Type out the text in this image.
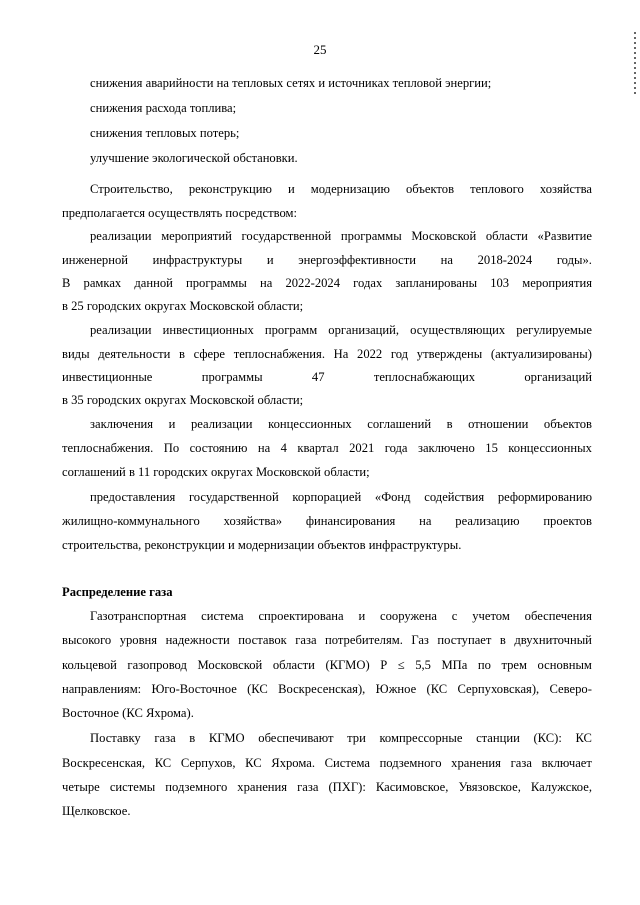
25
снижения аварийности на тепловых сетях и источниках тепловой энергии;
снижения расхода топлива;
снижения тепловых потерь;
улучшение экологической обстановки.
Строительство, реконструкцию и модернизацию объектов теплового хозяйства
предполагается осуществлять посредством:
реализации мероприятий государственной программы Московской области «Развитие
инженерной инфраструктуры и энергоэффективности на 2018-2024 годы».
В рамках данной программы на 2022-2024 годах запланированы 103 мероприятия
в 25 городских округах Московской области;
реализации инвестиционных программ организаций, осуществляющих регулируемые
виды деятельности в сфере теплоснабжения. На 2022 год утверждены (актуализированы)
инвестиционные	программы	47	теплоснабжающих	организаций
в 35 городских округах Московской области;
заключения и реализации концессионных соглашений в отношении объектов
теплоснабжения. По состоянию на 4 квартал 2021 года заключено 15 концессионных
соглашений в 11 городских округах Московской области;
предоставления государственной корпорацией «Фонд содействия реформированию
жилищно-коммунального хозяйства» финансирования на реализацию проектов
строительства, реконструкции и модернизации объектов инфраструктуры.
Распределение газа
Газотранспортная система спроектирована и сооружена с учетом обеспечения
высокого уровня надежности поставок газа потребителям. Газ поступает в двухниточный
кольцевой газопровод Московской области (КГМО) Р ≤ 5,5 МПа по трем основным
направлениям: Юго-Восточное (КС Воскресенская), Южное (КС Серпуховская), Северо-
Восточное (КС Яхрома).
Поставку газа в КГМО обеспечивают три компрессорные станции (КС): КС
Воскресенская, КС Серпухов, КС Яхрома. Система подземного хранения газа включает
четыре системы подземного хранения газа (ПХГ): Касимовское, Увязовское, Калужское,
Щелковское.
